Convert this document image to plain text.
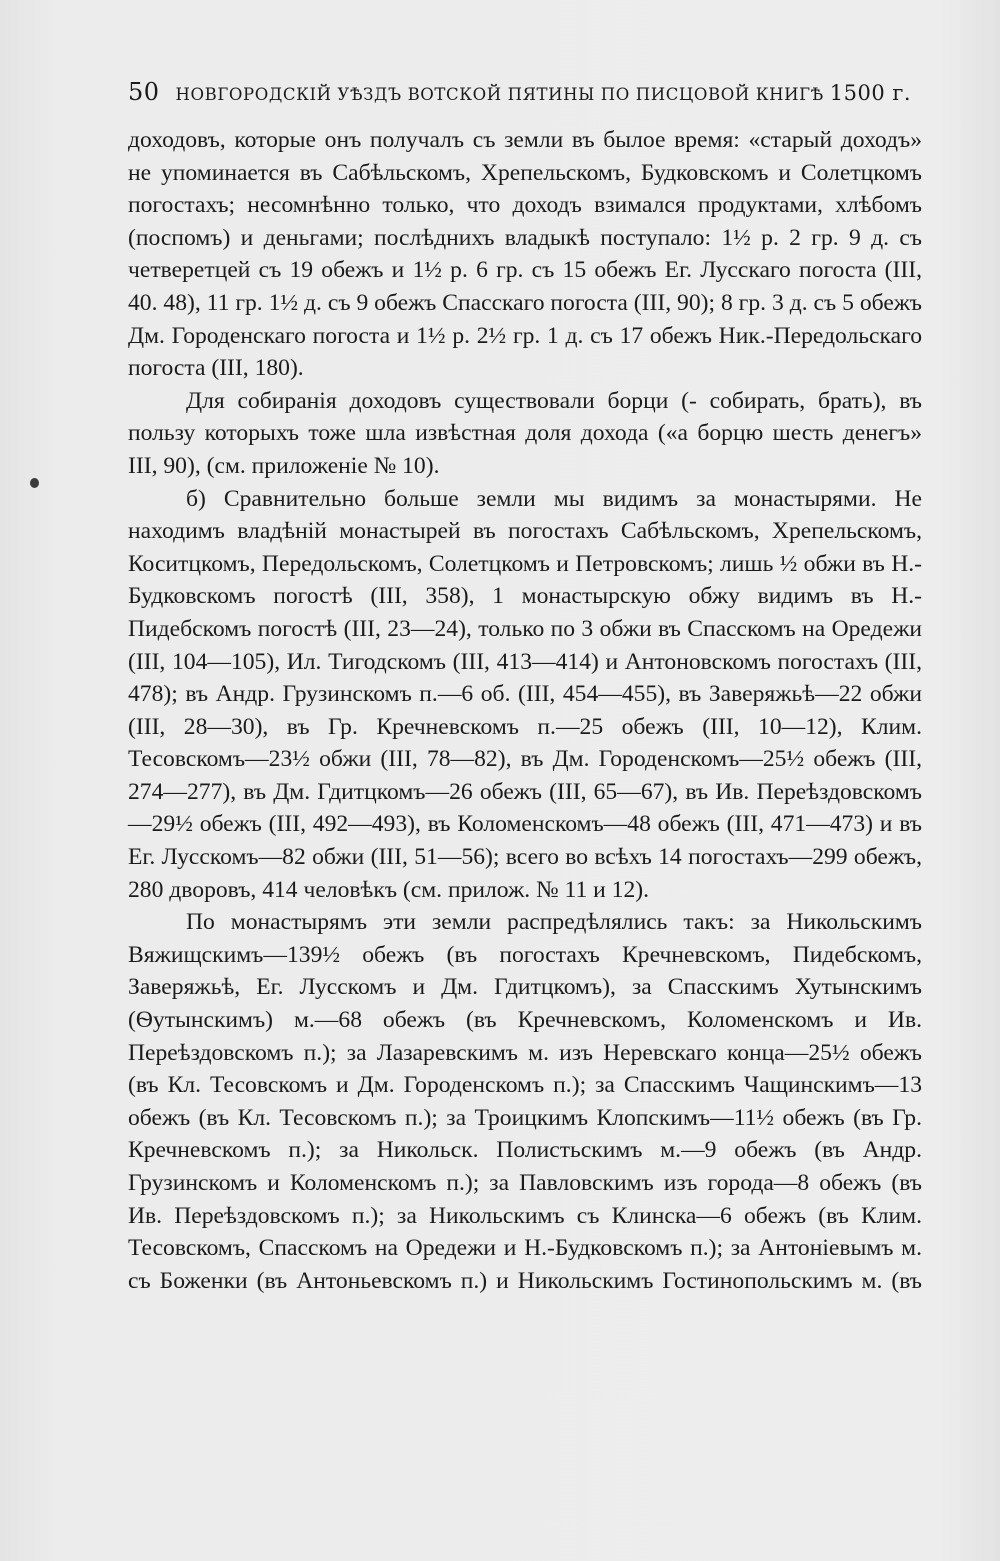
50 НОВГОРОДСКІЙ УѢЗДЪ ВОТСКОЙ ПЯТИНЫ ПО ПИСЦОВОЙ КНИГѢ 1500 г.

доходовъ, которые онъ получалъ съ земли въ былое время: «старый доходъ» не упоминается въ Сабѣльскомъ, Хрепельскомъ, Будковскомъ и Солетцкомъ погостахъ; несомнѣнно только, что доходъ взимался продуктами, хлѣбомъ (поспомъ) и деньгами; послѣднихъ владыкѣ поступало: 1½ р. 2 гр. 9 д. съ четверетцей съ 19 обежъ и 1½ р. 6 гр. съ 15 обежъ Ег. Лусскаго погоста (III, 40. 48), 11 гр. 1½ д. съ 9 обежъ Спасскаго погоста (III, 90); 8 гр. 3 д. съ 5 обежъ Дм. Городенскаго погоста и 1½ р. 2½ гр. 1 д. съ 17 обежъ Ник.-Передольскаго погоста (III, 180).

Для собиранія доходовъ существовали борци (- собирать, брать), въ пользу которыхъ тоже шла извѣстная доля дохода («а борцю шесть денегъ» III, 90), (см. приложеніе № 10).

б) Сравнительно больше земли мы видимъ за монастырями. Не находимъ владѣній монастырей въ погостахъ Сабѣльскомъ, Хрепельскомъ, Коситцкомъ, Передольскомъ, Солетцкомъ и Петровскомъ; лишь ½ обжи въ Н.-Будковскомъ погостѣ (III, 358), 1 монастырскую обжу видимъ въ Н.-Пидебскомъ погостѣ (III, 23—24), только по 3 обжи въ Спасскомъ на Оредежи (III, 104—105), Ил. Тигодскомъ (III, 413—414) и Антоновскомъ погостахъ (III, 478); въ Андр. Грузинскомъ п.—6 об. (III, 454—455), въ Заверяжьѣ—22 обжи (III, 28—30), въ Гр. Кречневскомъ п.—25 обежъ (III, 10—12), Клим. Тесовскомъ—23½ обжи (III, 78—82), въ Дм. Городенскомъ—25½ обежъ (III, 274—277), въ Дм. Гдитцкомъ—26 обежъ (III, 65—67), въ Ив. Переѣздовскомъ—29½ обежъ (III, 492—493), въ Коломенскомъ—48 обежъ (III, 471—473) и въ Ег. Лусскомъ—82 обжи (III, 51—56); всего во всѣхъ 14 погостахъ—299 обежъ, 280 дворовъ, 414 человѣкъ (см. прилож. № 11 и 12).

По монастырямъ эти земли распредѣлялись такъ: за Никольскимъ Вяжищскимъ—139½ обежъ (въ погостахъ Кречневскомъ, Пидебскомъ, Заверяжьѣ, Ег. Лусскомъ и Дм. Гдитцкомъ), за Спасскимъ Хутынскимъ (Ѳутынскимъ) м.—68 обежъ (въ Кречневскомъ, Коломенскомъ и Ив. Переѣздовскомъ п.); за Лазаревскимъ м. изъ Неревскаго конца—25½ обежъ (въ Кл. Тесовскомъ и Дм. Городенскомъ п.); за Спасскимъ Чащинскимъ—13 обежъ (въ Кл. Тесовскомъ п.); за Троицкимъ Клопскимъ—11½ обежъ (въ Гр. Кречневскомъ п.); за Никольск. Полистьскимъ м.—9 обежъ (въ Андр. Грузинскомъ и Коломенскомъ п.); за Павловскимъ изъ города—8 обежъ (въ Ив. Переѣздовскомъ п.); за Никольскимъ съ Клинска—6 обежъ (въ Клим. Тесовскомъ, Спасскомъ на Оредежи и Н.-Будковскомъ п.); за Антоніевымъ м. съ Боженки (въ Антоньевскомъ п.) и Никольскимъ Гостинопольскимъ м. (въ
